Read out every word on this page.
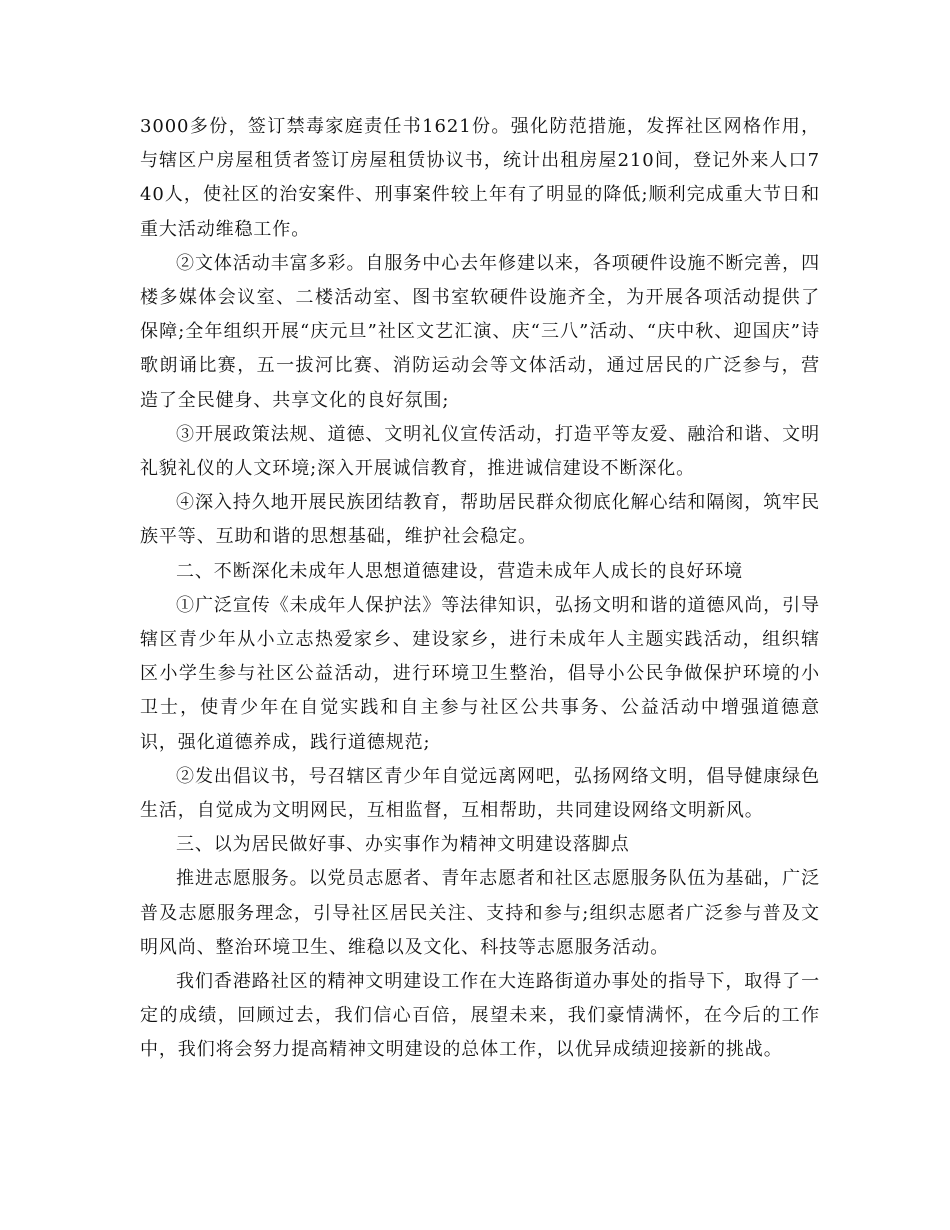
3000多份，签订禁毒家庭责任书1621份。强化防范措施，发挥社区网格作用，与辖区户房屋租赁者签订房屋租赁协议书，统计出租房屋210间，登记外来人口740人，使社区的治安案件、刑事案件较上年有了明显的降低;顺利完成重大节日和重大活动维稳工作。

②文体活动丰富多彩。自服务中心去年修建以来，各项硬件设施不断完善，四楼多媒体会议室、二楼活动室、图书室软硬件设施齐全，为开展各项活动提供了保障;全年组织开展“庆元旦”社区文艺汇演、庆“三八”活动、“庆中秋、迎国庆”诗歌朗诵比赛，五一拔河比赛、消防运动会等文体活动，通过居民的广泛参与，营造了全民健身、共享文化的良好氛围;

③开展政策法规、道德、文明礼仪宣传活动，打造平等友爱、融洽和谐、文明礼貌礼仪的人文环境;深入开展诚信教育，推进诚信建设不断深化。

④深入持久地开展民族团结教育，帮助居民群众彻底化解心结和隔阂，筑牢民族平等、互助和谐的思想基础，维护社会稳定。

二、不断深化未成年人思想道德建设，营造未成年人成长的良好环境

①广泛宣传《未成年人保护法》等法律知识，弘扬文明和谐的道德风尚，引导辖区青少年从小立志热爱家乡、建设家乡，进行未成年人主题实践活动，组织辖区小学生参与社区公益活动，进行环境卫生整治，倡导小公民争做保护环境的小卫士，使青少年在自觉实践和自主参与社区公共事务、公益活动中增强道德意识，强化道德养成，践行道德规范;

②发出倡议书，号召辖区青少年自觉远离网吧，弘扬网络文明，倡导健康绿色生活，自觉成为文明网民，互相监督，互相帮助，共同建设网络文明新风。

三、以为居民做好事、办实事作为精神文明建设落脚点

推进志愿服务。以党员志愿者、青年志愿者和社区志愿服务队伍为基础，广泛普及志愿服务理念，引导社区居民关注、支持和参与;组织志愿者广泛参与普及文明风尚、整治环境卫生、维稳以及文化、科技等志愿服务活动。

我们香港路社区的精神文明建设工作在大连路街道办事处的指导下，取得了一定的成绩，回顾过去，我们信心百倍，展望未来，我们豪情满怀，在今后的工作中，我们将会努力提高精神文明建设的总体工作，以优异成绩迎接新的挑战。
